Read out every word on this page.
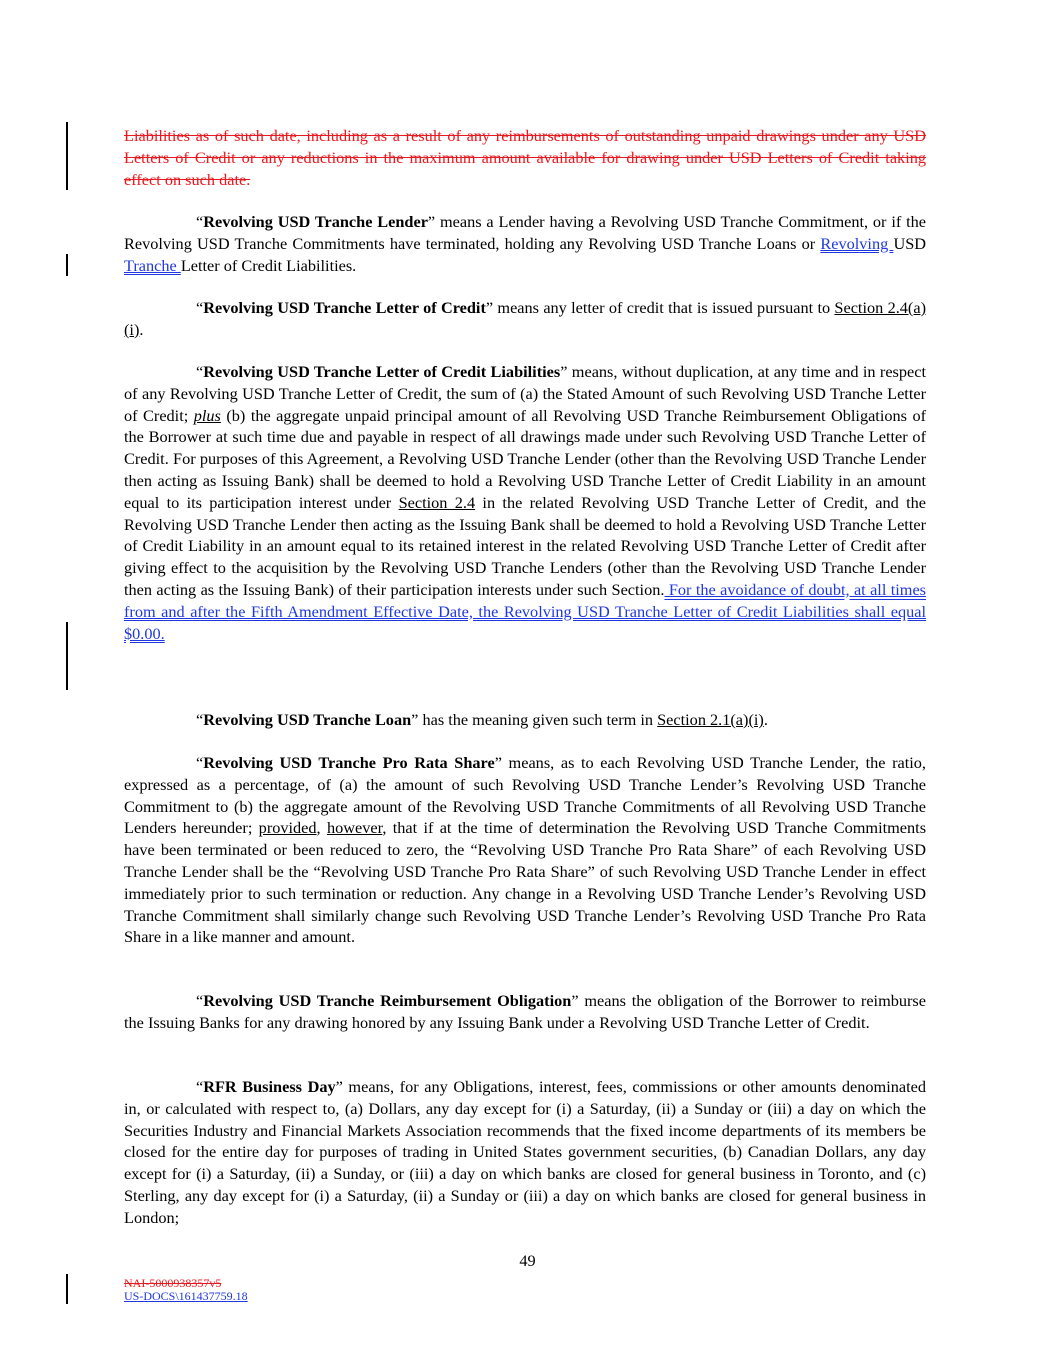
Liabilities as of such date, including as a result of any reimbursements of outstanding unpaid drawings under any USD Letters of Credit or any reductions in the maximum amount available for drawing under USD Letters of Credit taking effect on such date.
“Revolving USD Tranche Lender” means a Lender having a Revolving USD Tranche Commitment, or if the Revolving USD Tranche Commitments have terminated, holding any Revolving USD Tranche Loans or Revolving USD Tranche Letter of Credit Liabilities.
“Revolving USD Tranche Letter of Credit” means any letter of credit that is issued pursuant to Section 2.4(a)(i).
“Revolving USD Tranche Letter of Credit Liabilities” means, without duplication, at any time and in respect of any Revolving USD Tranche Letter of Credit, the sum of (a) the Stated Amount of such Revolving USD Tranche Letter of Credit; plus (b) the aggregate unpaid principal amount of all Revolving USD Tranche Reimbursement Obligations of the Borrower at such time due and payable in respect of all drawings made under such Revolving USD Tranche Letter of Credit. For purposes of this Agreement, a Revolving USD Tranche Lender (other than the Revolving USD Tranche Lender then acting as Issuing Bank) shall be deemed to hold a Revolving USD Tranche Letter of Credit Liability in an amount equal to its participation interest under Section 2.4 in the related Revolving USD Tranche Letter of Credit, and the Revolving USD Tranche Lender then acting as the Issuing Bank shall be deemed to hold a Revolving USD Tranche Letter of Credit Liability in an amount equal to its retained interest in the related Revolving USD Tranche Letter of Credit after giving effect to the acquisition by the Revolving USD Tranche Lenders (other than the Revolving USD Tranche Lender then acting as the Issuing Bank) of their participation interests under such Section. For the avoidance of doubt, at all times from and after the Fifth Amendment Effective Date, the Revolving USD Tranche Letter of Credit Liabilities shall equal $0.00.
“Revolving USD Tranche Loan” has the meaning given such term in Section 2.1(a)(i).
“Revolving USD Tranche Pro Rata Share” means, as to each Revolving USD Tranche Lender, the ratio, expressed as a percentage, of (a) the amount of such Revolving USD Tranche Lender’s Revolving USD Tranche Commitment to (b) the aggregate amount of the Revolving USD Tranche Commitments of all Revolving USD Tranche Lenders hereunder; provided, however, that if at the time of determination the Revolving USD Tranche Commitments have been terminated or been reduced to zero, the “Revolving USD Tranche Pro Rata Share” of each Revolving USD Tranche Lender shall be the “Revolving USD Tranche Pro Rata Share” of such Revolving USD Tranche Lender in effect immediately prior to such termination or reduction. Any change in a Revolving USD Tranche Lender’s Revolving USD Tranche Commitment shall similarly change such Revolving USD Tranche Lender’s Revolving USD Tranche Pro Rata Share in a like manner and amount.
“Revolving USD Tranche Reimbursement Obligation” means the obligation of the Borrower to reimburse the Issuing Banks for any drawing honored by any Issuing Bank under a Revolving USD Tranche Letter of Credit.
“RFR Business Day” means, for any Obligations, interest, fees, commissions or other amounts denominated in, or calculated with respect to, (a) Dollars, any day except for (i) a Saturday, (ii) a Sunday or (iii) a day on which the Securities Industry and Financial Markets Association recommends that the fixed income departments of its members be closed for the entire day for purposes of trading in United States government securities, (b) Canadian Dollars, any day except for (i) a Saturday, (ii) a Sunday, or (iii) a day on which banks are closed for general business in Toronto, and (c) Sterling, any day except for (i) a Saturday, (ii) a Sunday or (iii) a day on which banks are closed for general business in London;
49
NAI-5000938357v5
US-DOCS\161437759.18
